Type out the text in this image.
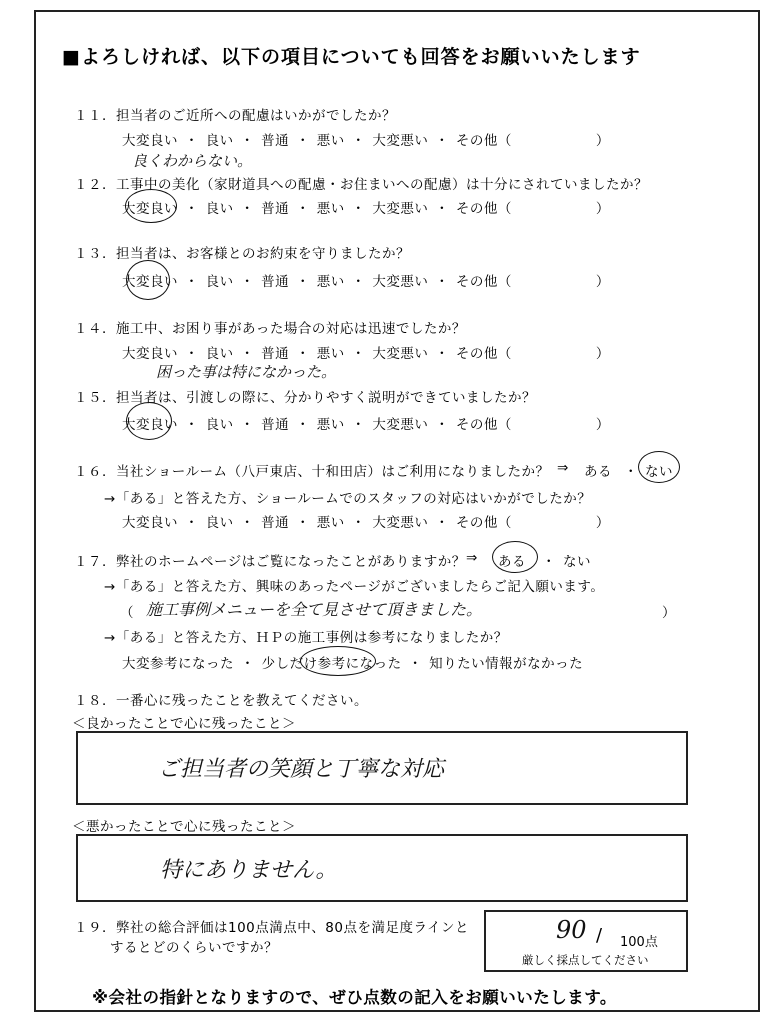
■よろしければ、以下の項目についても回答をお願いいたします
１１．担当者のご近所への配慮はいかがでしたか？
大変良い ・ 良い ・ 普通 ・ 悪い ・ 大変悪い ・ その他（　　　　　　）
良くわからない。
１２．工事中の美化（家財道具への配慮・お住まいへの配慮）は十分にされていましたか？
大変良い ・ 良い ・ 普通 ・ 悪い ・ 大変悪い ・ その他（　　　　　　）
１３．担当者は、お客様とのお約束を守りましたか？
大変良い ・ 良い ・ 普通 ・ 悪い ・ 大変悪い ・ その他（　　　　　　）
１４．施工中、お困り事があった場合の対応は迅速でしたか？
大変良い ・ 良い ・ 普通 ・ 悪い ・ 大変悪い ・ その他（　　　　　　）
困った事は特になかった。
１５．担当者は、引渡しの際に、分かりやすく説明ができていましたか？
大変良い ・ 良い ・ 普通 ・ 悪い ・ 大変悪い ・ その他（　　　　　　）
１６．当社ショールーム（八戸東店、十和田店）はご利用になりましたか？ ⇒ ある ・ ない
→「ある」と答えた方、ショールームでのスタッフの対応はいかがでしたか？
大変良い ・ 良い ・ 普通 ・ 悪い ・ 大変悪い ・ その他（　　　　　　）
１７．弊社のホームページはご覧になったことがありますか？ ⇒ ある ・ ない
→「ある」と答えた方、興味のあったページがございましたらご記入願います。
（ 施工事例メニューを全て見させて頂きました。	）
→「ある」と答えた方、ＨＰの施工事例は参考になりましたか？
大変参考になった ・ 少しだけ参考になった ・ 知りたい情報がなかった
１８．一番心に残ったことを教えてください。
＜良かったことで心に残ったこと＞
ご担当者の笑顔と丁寧な対応
＜悪かったことで心に残ったこと＞
特にありません。
１９．弊社の総合評価は100点満点中、80点を満足度ラインと
するとどのくらいですか？
90 / 100点
厳しく採点してください
※会社の指針となりますので、ぜひ点数の記入をお願いいたします。
